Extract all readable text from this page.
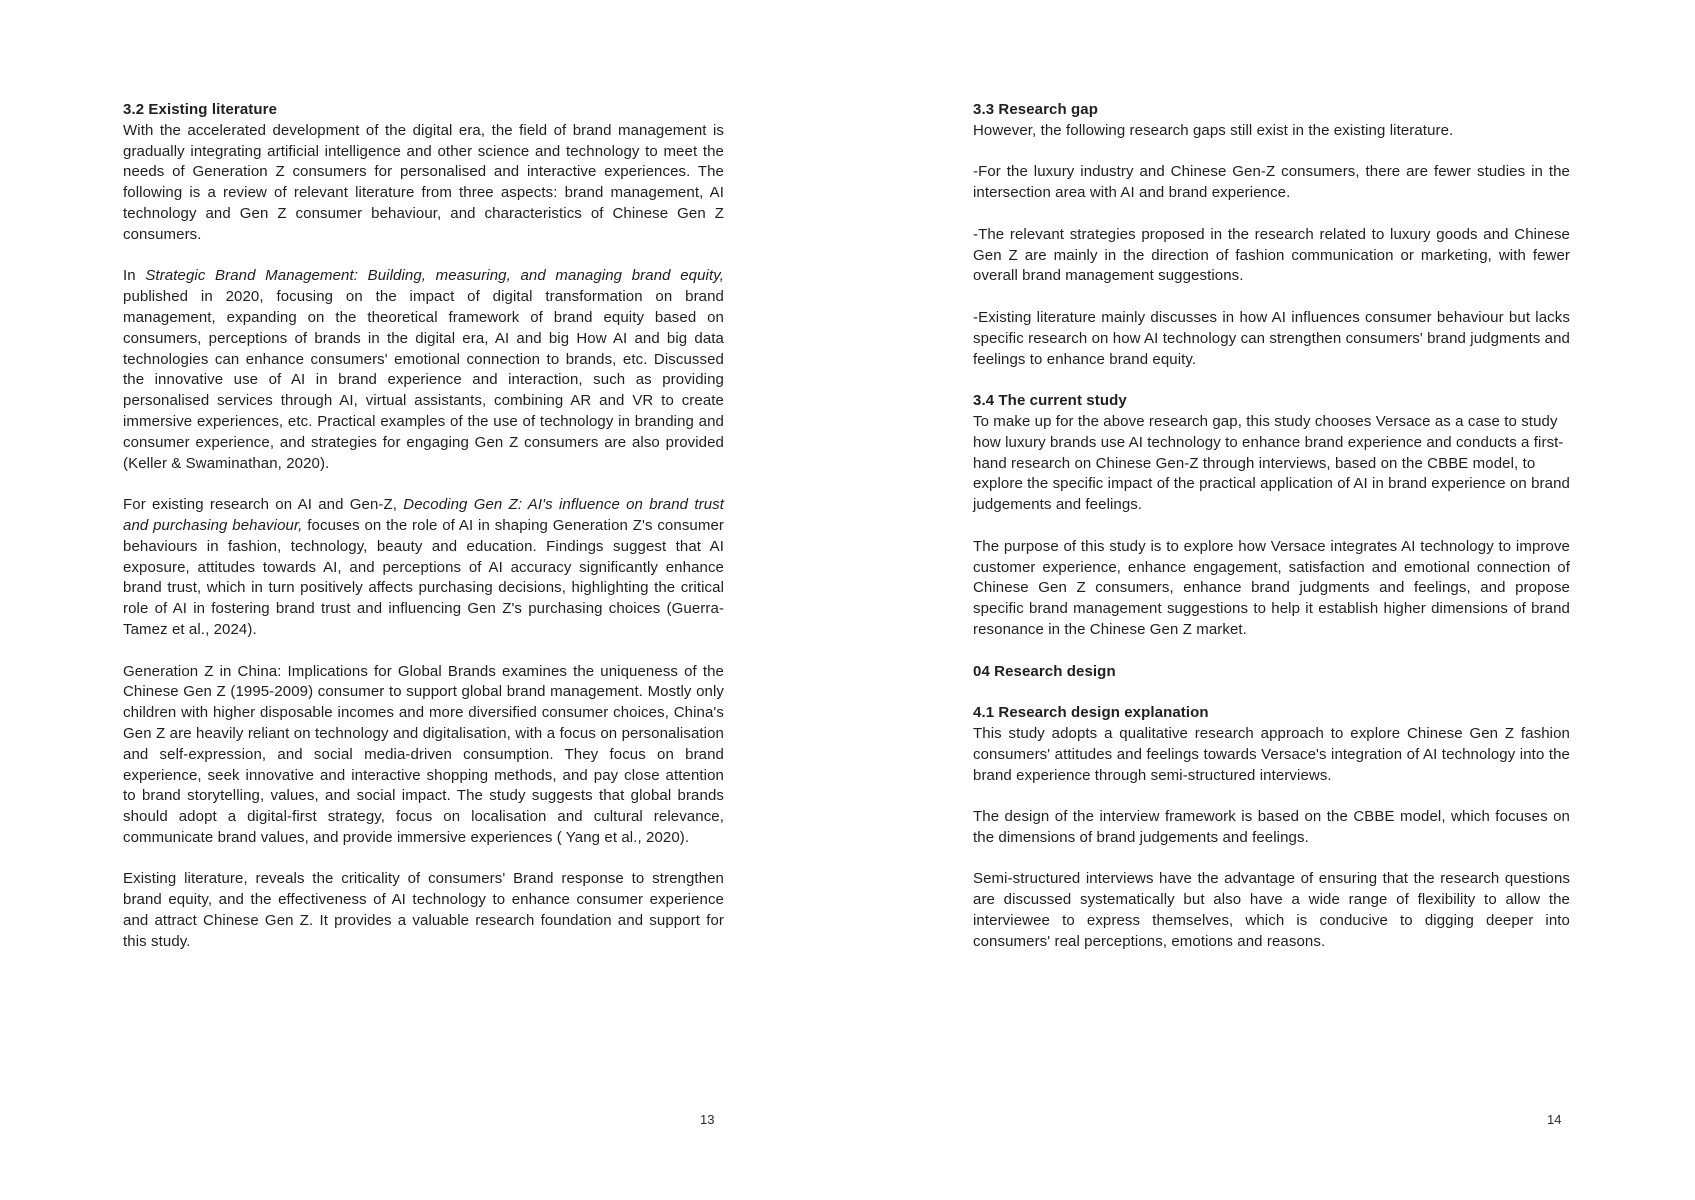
3.2 Existing literature
With the accelerated development of the digital era, the field of brand management is gradually integrating artificial intelligence and other science and technology to meet the needs of Generation Z consumers for personalised and interactive experiences. The following is a review of relevant literature from three aspects: brand management, AI technology and Gen Z consumer behaviour, and characteristics of Chinese Gen Z consumers.
In Strategic Brand Management: Building, measuring, and managing brand equity, published in 2020, focusing on the impact of digital transformation on brand management, expanding on the theoretical framework of brand equity based on consumers, perceptions of brands in the digital era, AI and big How AI and big data technologies can enhance consumers' emotional connection to brands, etc. Discussed the innovative use of AI in brand experience and interaction, such as providing personalised services through AI, virtual assistants, combining AR and VR to create immersive experiences, etc. Practical examples of the use of technology in branding and consumer experience, and strategies for engaging Gen Z consumers are also provided (Keller & Swaminathan, 2020).
For existing research on AI and Gen-Z, Decoding Gen Z: AI's influence on brand trust and purchasing behaviour, focuses on the role of AI in shaping Generation Z's consumer behaviours in fashion, technology, beauty and education. Findings suggest that AI exposure, attitudes towards AI, and perceptions of AI accuracy significantly enhance brand trust, which in turn positively affects purchasing decisions, highlighting the critical role of AI in fostering brand trust and influencing Gen Z's purchasing choices (Guerra-Tamez et al., 2024).
Generation Z in China: Implications for Global Brands examines the uniqueness of the Chinese Gen Z (1995-2009) consumer to support global brand management. Mostly only children with higher disposable incomes and more diversified consumer choices, China's Gen Z are heavily reliant on technology and digitalisation, with a focus on personalisation and self-expression, and social media-driven consumption. They focus on brand experience, seek innovative and interactive shopping methods, and pay close attention to brand storytelling, values, and social impact. The study suggests that global brands should adopt a digital-first strategy, focus on localisation and cultural relevance, communicate brand values, and provide immersive experiences ( Yang et al., 2020).
Existing literature, reveals the criticality of consumers' Brand response to strengthen brand equity, and the effectiveness of AI technology to enhance consumer experience and attract Chinese Gen Z. It provides a valuable research foundation and support for this study.
13
3.3 Research gap
However, the following research gaps still exist in the existing literature.
-For the luxury industry and Chinese Gen-Z consumers, there are fewer studies in the intersection area with AI and brand experience.
-The relevant strategies proposed in the research related to luxury goods and Chinese Gen Z are mainly in the direction of fashion communication or marketing, with fewer overall brand management suggestions.
-Existing literature mainly discusses in how AI influences consumer behaviour but lacks specific research on how AI technology can strengthen consumers' brand judgments and feelings to enhance brand equity.
3.4 The current study
To make up for the above research gap, this study chooses Versace as a case to study how luxury brands use AI technology to enhance brand experience and conducts a first-hand research on Chinese Gen-Z through interviews, based on the CBBE model, to explore the specific impact of the practical application of AI in brand experience on brand judgements and feelings.
The purpose of this study is to explore how Versace integrates AI technology to improve customer experience, enhance engagement, satisfaction and emotional connection of Chinese Gen Z consumers, enhance brand judgments and feelings, and propose specific brand management suggestions to help it establish higher dimensions of brand resonance in the Chinese Gen Z market.
04 Research design
4.1 Research design explanation
This study adopts a qualitative research approach to explore Chinese Gen Z fashion consumers' attitudes and feelings towards Versace's integration of AI technology into the brand experience through semi-structured interviews.
The design of the interview framework is based on the CBBE model, which focuses on the dimensions of brand judgements and feelings.
Semi-structured interviews have the advantage of ensuring that the research questions are discussed systematically but also have a wide range of flexibility to allow the interviewee to express themselves, which is conducive to digging deeper into consumers' real perceptions, emotions and reasons.
14
